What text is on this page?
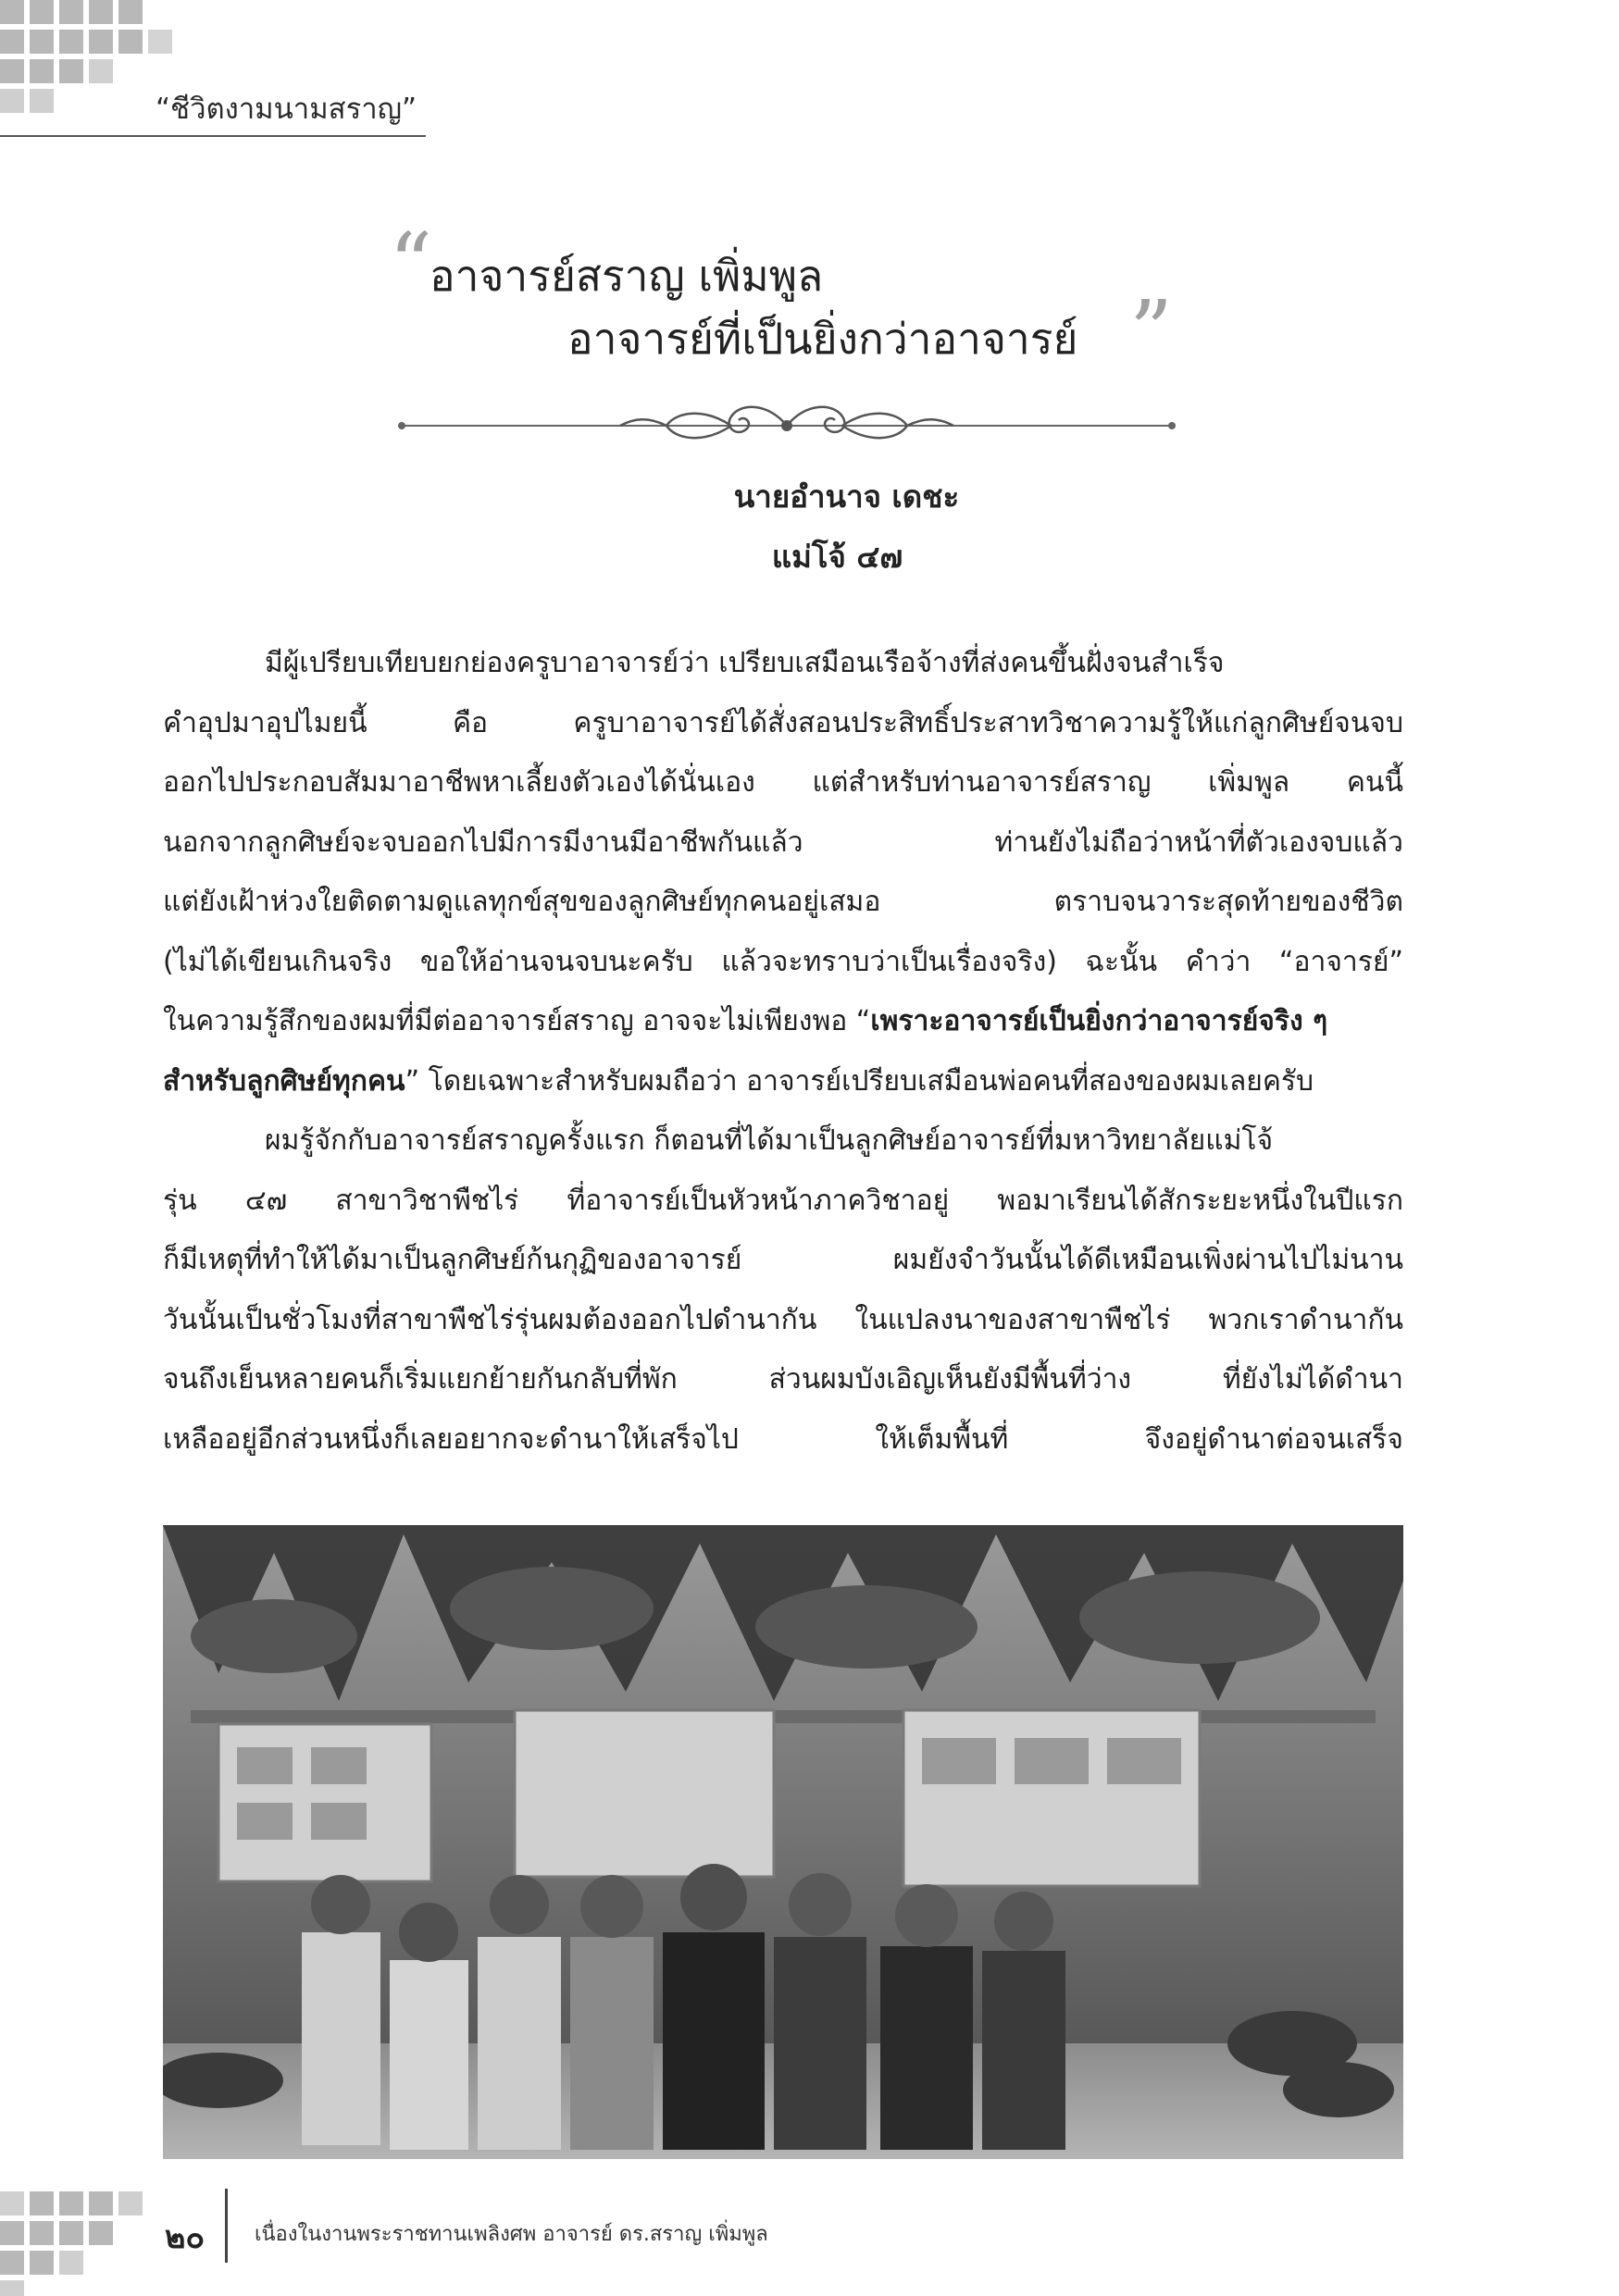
“ชีวิตงามนามสราญ”
“
อาจารย์สราญ เพิ่มพูล
อาจารย์ที่เป็นยิ่งกว่าอาจารย์ ”
นายอำนาจ เดชะ
แม่โจ้ ๔๗
มีผู้เปรียบเทียบยกย่องครูบาอาจารย์ว่า เปรียบเสมือนเรือจ้างที่ส่งคนขึ้นฝั่งจนสำเร็จ
คำอุปมาอุปไมยนี้ คือ ครูบาอาจารย์ได้สั่งสอนประสิทธิ์ประสาทวิชาความรู้ให้แก่ลูกศิษย์จนจบ
ออกไปประกอบสัมมาอาชีพหาเลี้ยงตัวเองได้นั่นเอง แต่สำหรับท่านอาจารย์สราญ เพิ่มพูล คนนี้
นอกจากลูกศิษย์จะจบออกไปมีการมีงานมีอาชีพกันแล้ว ท่านยังไม่ถือว่าหน้าที่ตัวเองจบแล้ว
แต่ยังเฝ้าห่วงใยติดตามดูแลทุกข์สุขของลูกศิษย์ทุกคนอยู่เสมอ ตราบจนวาระสุดท้ายของชีวิต
(ไม่ได้เขียนเกินจริง ขอให้อ่านจนจบนะครับ แล้วจะทราบว่าเป็นเรื่องจริง) ฉะนั้น คำว่า “อาจารย์”
ในความรู้สึกของผมที่มีต่ออาจารย์สราญ อาจจะไม่เพียงพอ “เพราะอาจารย์เป็นยิ่งกว่าอาจารย์จริง ๆ
สำหรับลูกศิษย์ทุกคน” โดยเฉพาะสำหรับผมถือว่า อาจารย์เปรียบเสมือนพ่อคนที่สองของผมเลยครับ
ผมรู้จักกับอาจารย์สราญครั้งแรก ก็ตอนที่ได้มาเป็นลูกศิษย์อาจารย์ที่มหาวิทยาลัยแม่โจ้
รุ่น ๔๗ สาขาวิชาพืชไร่ ที่อาจารย์เป็นหัวหน้าภาควิชาอยู่ พอมาเรียนได้สักระยะหนึ่งในปีแรก
ก็มีเหตุที่ทำให้ได้มาเป็นลูกศิษย์ก้นกุฏิของอาจารย์ ผมยังจำวันนั้นได้ดีเหมือนเพิ่งผ่านไปไม่นาน
วันนั้นเป็นชั่วโมงที่สาขาพืชไร่รุ่นผมต้องออกไปดำนากัน ในแปลงนาของสาขาพืชไร่ พวกเราดำนากัน
จนถึงเย็นหลายคนก็เริ่มแยกย้ายกันกลับที่พัก ส่วนผมบังเอิญเห็นยังมีพื้นที่ว่าง ที่ยังไม่ได้ดำนา
เหลืออยู่อีกส่วนหนึ่งก็เลยอยากจะดำนาให้เสร็จไป ให้เต็มพื้นที่ จึงอยู่ดำนาต่อจนเสร็จ
๒๐ เนื่องในงานพระราชทานเพลิงศพ อาจารย์ ดร.สราญ เพิ่มพูล
